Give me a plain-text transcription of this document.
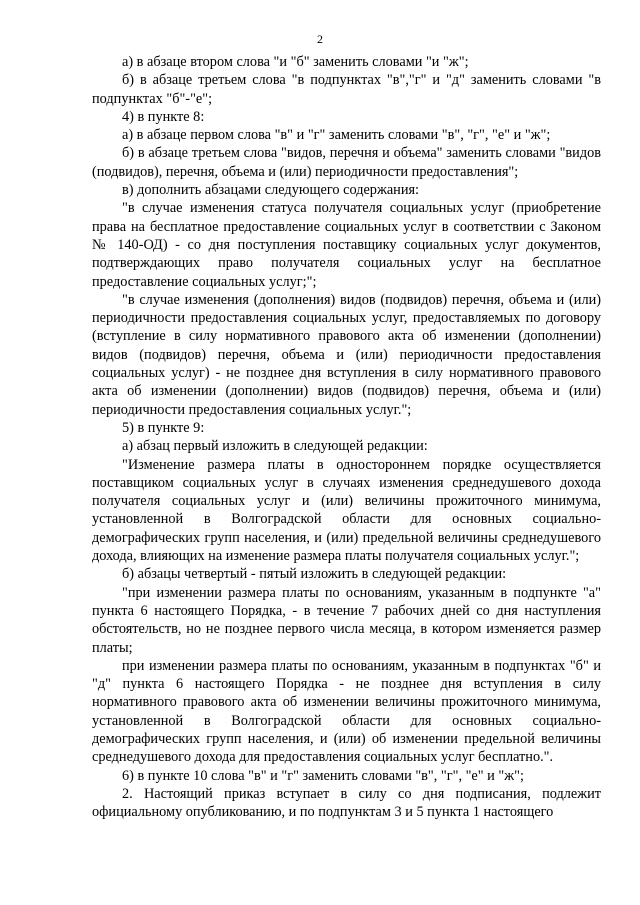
2

а) в абзаце втором слова "и "б" заменить словами "и "ж";

б) в абзаце третьем слова "в подпунктах "в","г" и "д" заменить словами "в подпунктах "б"-"е";

4) в пункте 8:

а) в абзаце первом слова "в" и "г" заменить словами "в", "г", "е" и "ж";

б) в абзаце третьем слова "видов, перечня и объема" заменить словами "видов (подвидов), перечня, объема и (или) периодичности предоставления";

в) дополнить абзацами следующего содержания:

"в случае изменения статуса получателя социальных услуг (приобретение права на бесплатное предоставление социальных услуг в соответствии с Законом № 140-ОД) - со дня поступления поставщику социальных услуг документов, подтверждающих право получателя социальных услуг на бесплатное предоставление социальных услуг;";

"в случае изменения (дополнения) видов (подвидов) перечня, объема и (или) периодичности предоставления социальных услуг, предоставляемых по договору (вступление в силу нормативного правового акта об изменении (дополнении) видов (подвидов) перечня, объема и (или) периодичности предоставления социальных услуг) - не позднее дня вступления в силу нормативного правового акта об изменении (дополнении) видов (подвидов) перечня, объема и (или) периодичности предоставления социальных услуг.";

5) в пункте 9:

а) абзац первый изложить в следующей редакции:

"Изменение размера платы в одностороннем порядке осуществляется поставщиком социальных услуг в случаях изменения среднедушевого дохода получателя социальных услуг и (или) величины прожиточного минимума, установленной в Волгоградской области для основных социально-демографических групп населения, и (или) предельной величины среднедушевого дохода, влияющих на изменение размера платы получателя социальных услуг.";

б) абзацы четвертый - пятый изложить в следующей редакции:

"при изменении размера платы по основаниям, указанным в подпункте "а" пункта 6 настоящего Порядка, - в течение 7 рабочих дней со дня наступления обстоятельств, но не позднее первого числа месяца, в котором изменяется размер платы;

при изменении размера платы по основаниям, указанным в подпунктах "б" и "д" пункта 6 настоящего Порядка - не позднее дня вступления в силу нормативного правового акта об изменении величины прожиточного минимума, установленной в Волгоградской области для основных социально-демографических групп населения, и (или) об изменении предельной величины среднедушевого дохода для предоставления социальных услуг бесплатно.".

6) в пункте 10 слова "в" и "г" заменить словами "в", "г", "е" и "ж";

2. Настоящий приказ вступает в силу со дня подписания, подлежит официальному опубликованию, и по подпунктам 3 и 5 пункта 1 настоящего
